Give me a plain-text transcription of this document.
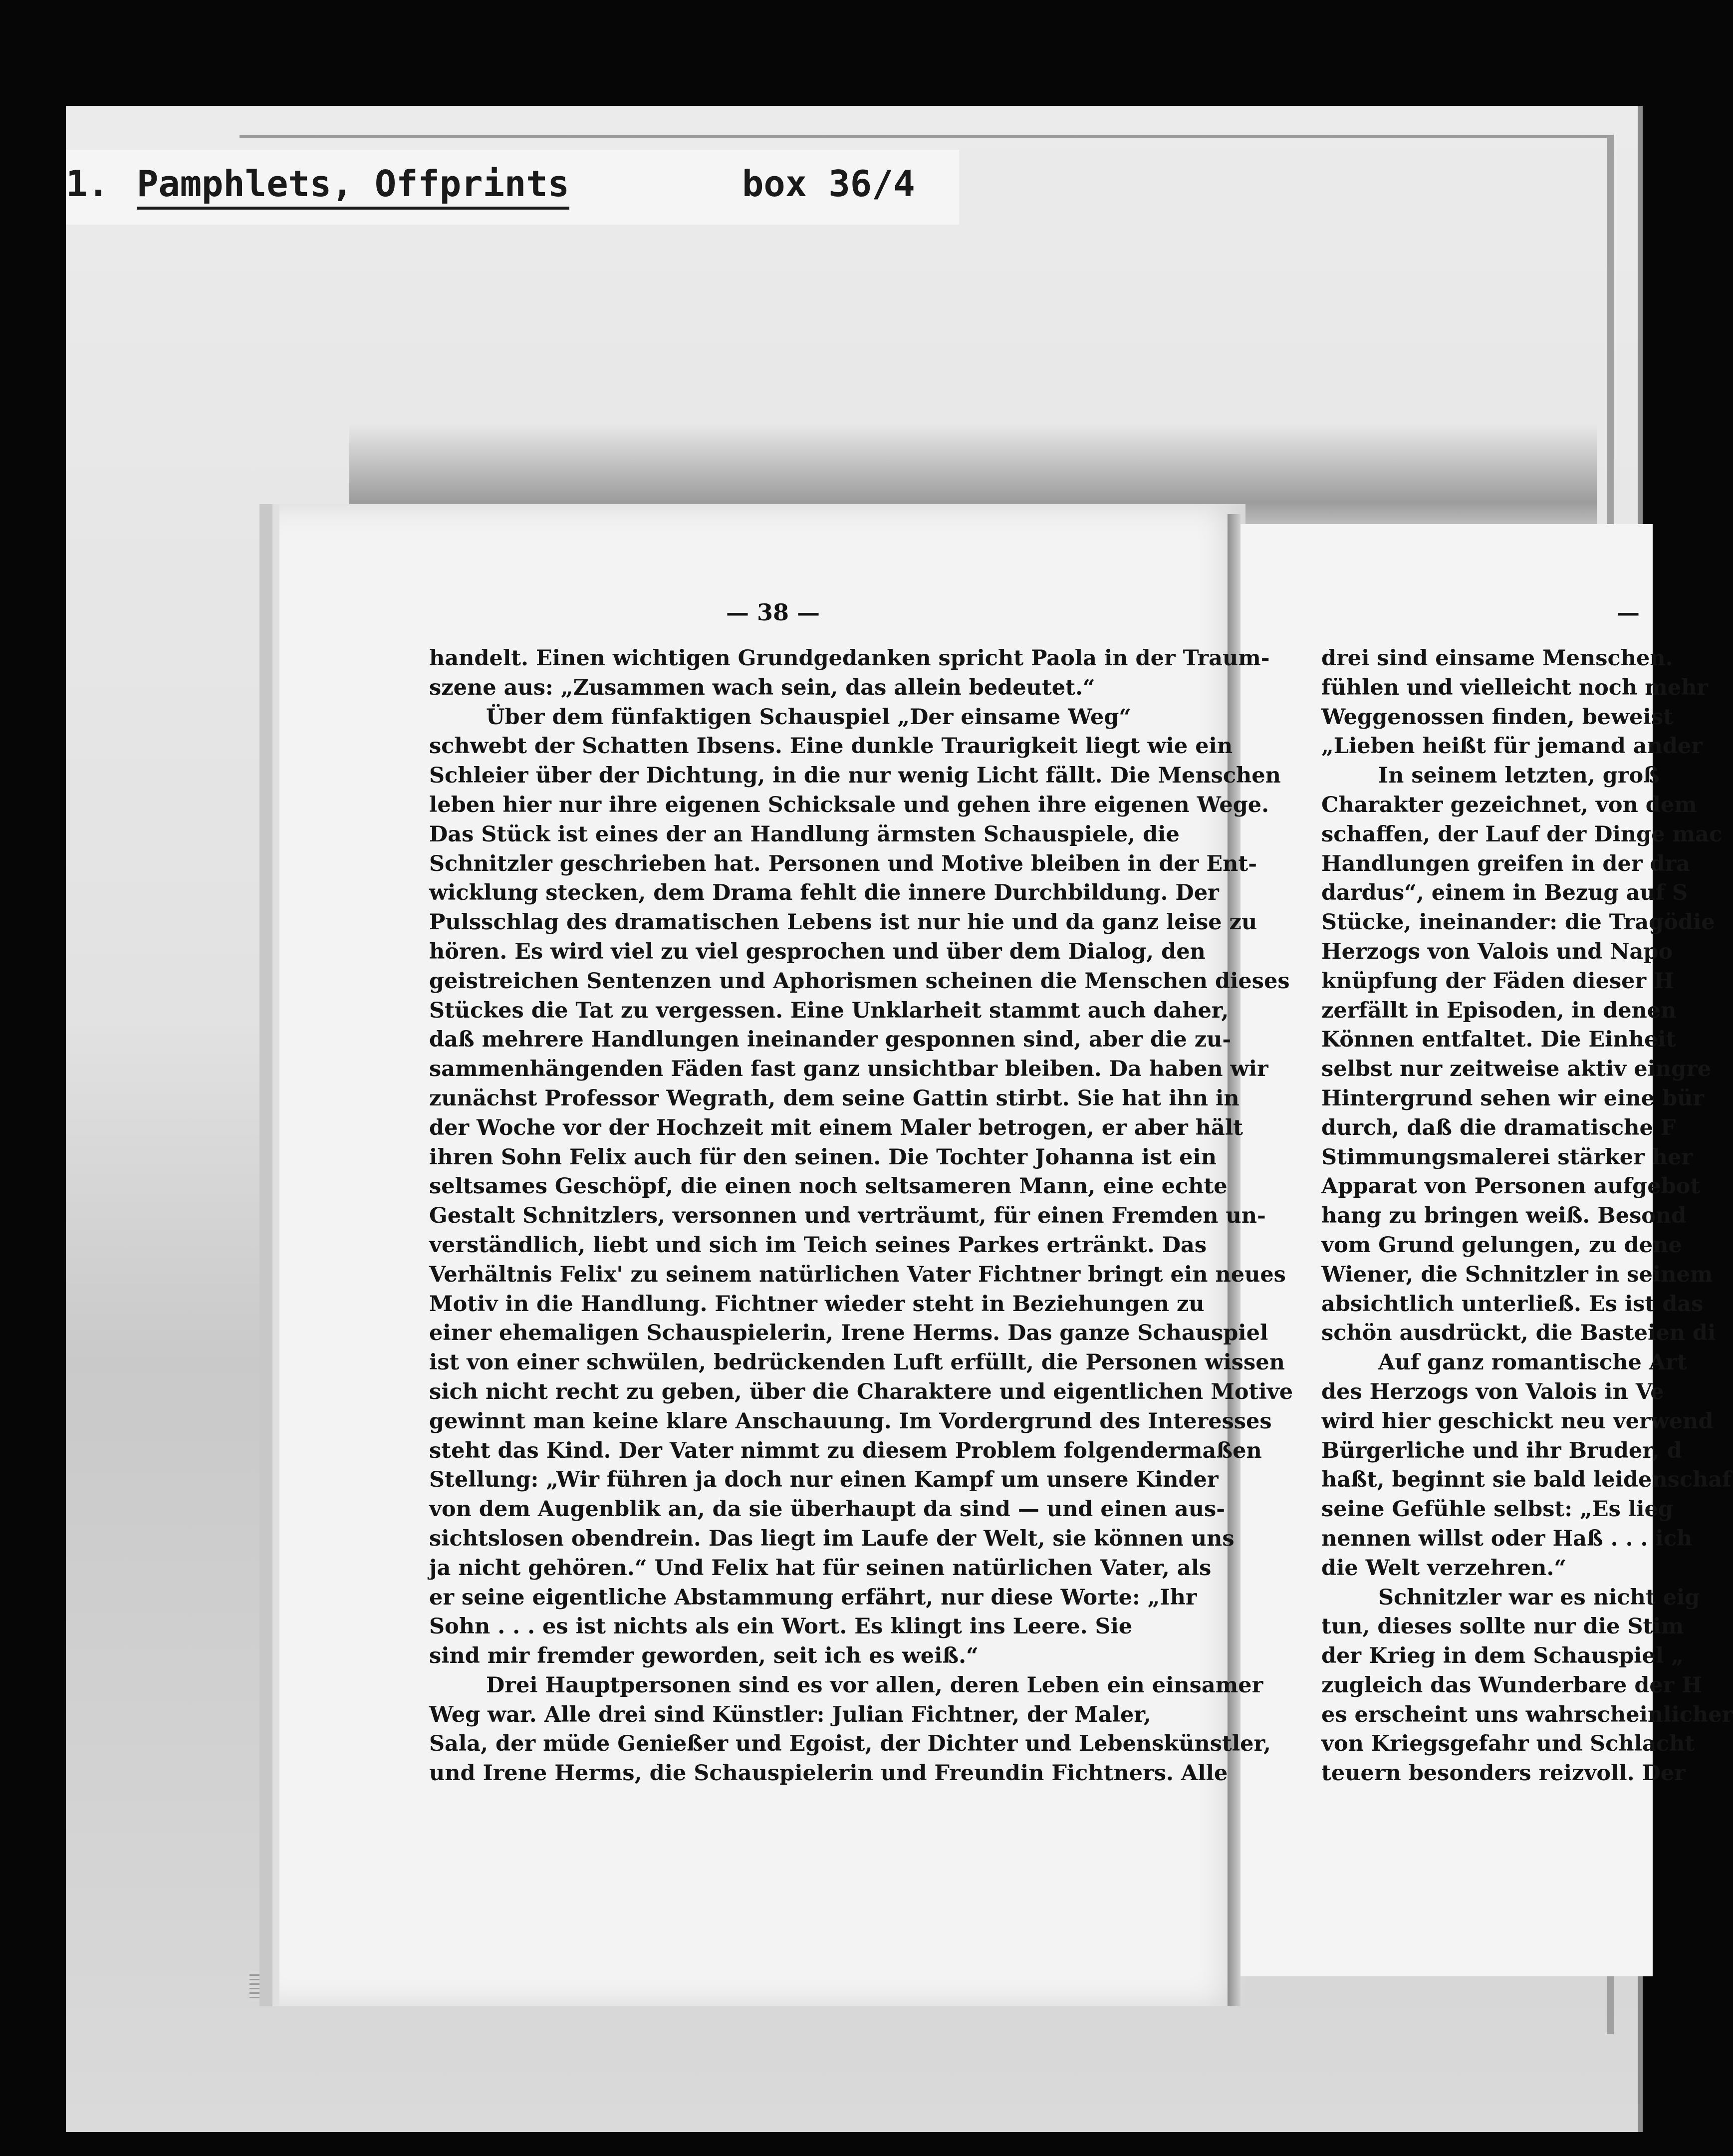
1. Pamphlets, Offprints	box 36/4
— 38 —	—
handelt. Einen wichtigen Grundgedanken spricht Paola in der Traum-
szene aus: „Zusammen wach sein, das allein bedeutet.“
Über dem fünfaktigen Schauspiel „Der einsame Weg“
schwebt der Schatten Ibsens. Eine dunkle Traurigkeit liegt wie ein
Schleier über der Dichtung, in die nur wenig Licht fällt. Die Menschen
leben hier nur ihre eigenen Schicksale und gehen ihre eigenen Wege.
Das Stück ist eines der an Handlung ärmsten Schauspiele, die
Schnitzler geschrieben hat. Personen und Motive bleiben in der Ent-
wicklung stecken, dem Drama fehlt die innere Durchbildung. Der
Pulsschlag des dramatischen Lebens ist nur hie und da ganz leise zu
hören. Es wird viel zu viel gesprochen und über dem Dialog, den
geistreichen Sentenzen und Aphorismen scheinen die Menschen dieses
Stückes die Tat zu vergessen. Eine Unklarheit stammt auch daher,
daß mehrere Handlungen ineinander gesponnen sind, aber die zu-
sammenhängenden Fäden fast ganz unsichtbar bleiben. Da haben wir
zunächst Professor Wegrath, dem seine Gattin stirbt. Sie hat ihn in
der Woche vor der Hochzeit mit einem Maler betrogen, er aber hält
ihren Sohn Felix auch für den seinen. Die Tochter Johanna ist ein
seltsames Geschöpf, die einen noch seltsameren Mann, eine echte
Gestalt Schnitzlers, versonnen und verträumt, für einen Fremden un-
verständlich, liebt und sich im Teich seines Parkes ertränkt. Das
Verhältnis Felix' zu seinem natürlichen Vater Fichtner bringt ein neues
Motiv in die Handlung. Fichtner wieder steht in Beziehungen zu
einer ehemaligen Schauspielerin, Irene Herms. Das ganze Schauspiel
ist von einer schwülen, bedrückenden Luft erfüllt, die Personen wissen
sich nicht recht zu geben, über die Charaktere und eigentlichen Motive
gewinnt man keine klare Anschauung. Im Vordergrund des Interesses
steht das Kind. Der Vater nimmt zu diesem Problem folgendermaßen
Stellung: „Wir führen ja doch nur einen Kampf um unsere Kinder
von dem Augenblik an, da sie überhaupt da sind — und einen aus-
sichtslosen obendrein. Das liegt im Laufe der Welt, sie können uns
ja nicht gehören.“ Und Felix hat für seinen natürlichen Vater, als
er seine eigentliche Abstammung erfährt, nur diese Worte: „Ihr
Sohn . . . es ist nichts als ein Wort. Es klingt ins Leere. Sie
sind mir fremder geworden, seit ich es weiß.“
Drei Hauptpersonen sind es vor allen, deren Leben ein einsamer
Weg war. Alle drei sind Künstler: Julian Fichtner, der Maler,
Sala, der müde Genießer und Egoist, der Dichter und Lebenskünstler,
und Irene Herms, die Schauspielerin und Freundin Fichtners. Alle
drei sind einsame Menschen.
fühlen und vielleicht noch mehr
Weggenossen finden, beweist
„Lieben heißt für jemand ander
In seinem letzten, groß
Charakter gezeichnet, von dem
schaffen, der Lauf der Dinge mac
Handlungen greifen in der dra
dardus“, einem in Bezug auf S
Stücke, ineinander: die Tragödie
Herzogs von Valois und Napo
knüpfung der Fäden dieser H
zerfällt in Episoden, in denen
Können entfaltet. Die Einheit
selbst nur zeitweise aktiv eingre
Hintergrund sehen wir eine bür
durch, daß die dramatische F
Stimmungsmalerei stärker her
Apparat von Personen aufgebot
hang zu bringen weiß. Besond
vom Grund gelungen, zu dene
Wiener, die Schnitzler in seinem
absichtlich unterließ. Es ist das
schön ausdrückt, die Basteien di
Auf ganz romantische Art
des Herzogs von Valois in Ve
wird hier geschickt neu verwend
Bürgerliche und ihr Bruder, d
haßt, beginnt sie bald leidenschaf
seine Gefühle selbst: „Es lieg
nennen willst oder Haß . . . ich
die Welt verzehren.“
Schnitzler war es nicht eig
tun, dieses sollte nur die Stim
der Krieg in dem Schauspiel „
zugleich das Wunderbare der H
es erscheint uns wahrscheinlicher
von Kriegsgefahr und Schlacht
teuern besonders reizvoll. Der
